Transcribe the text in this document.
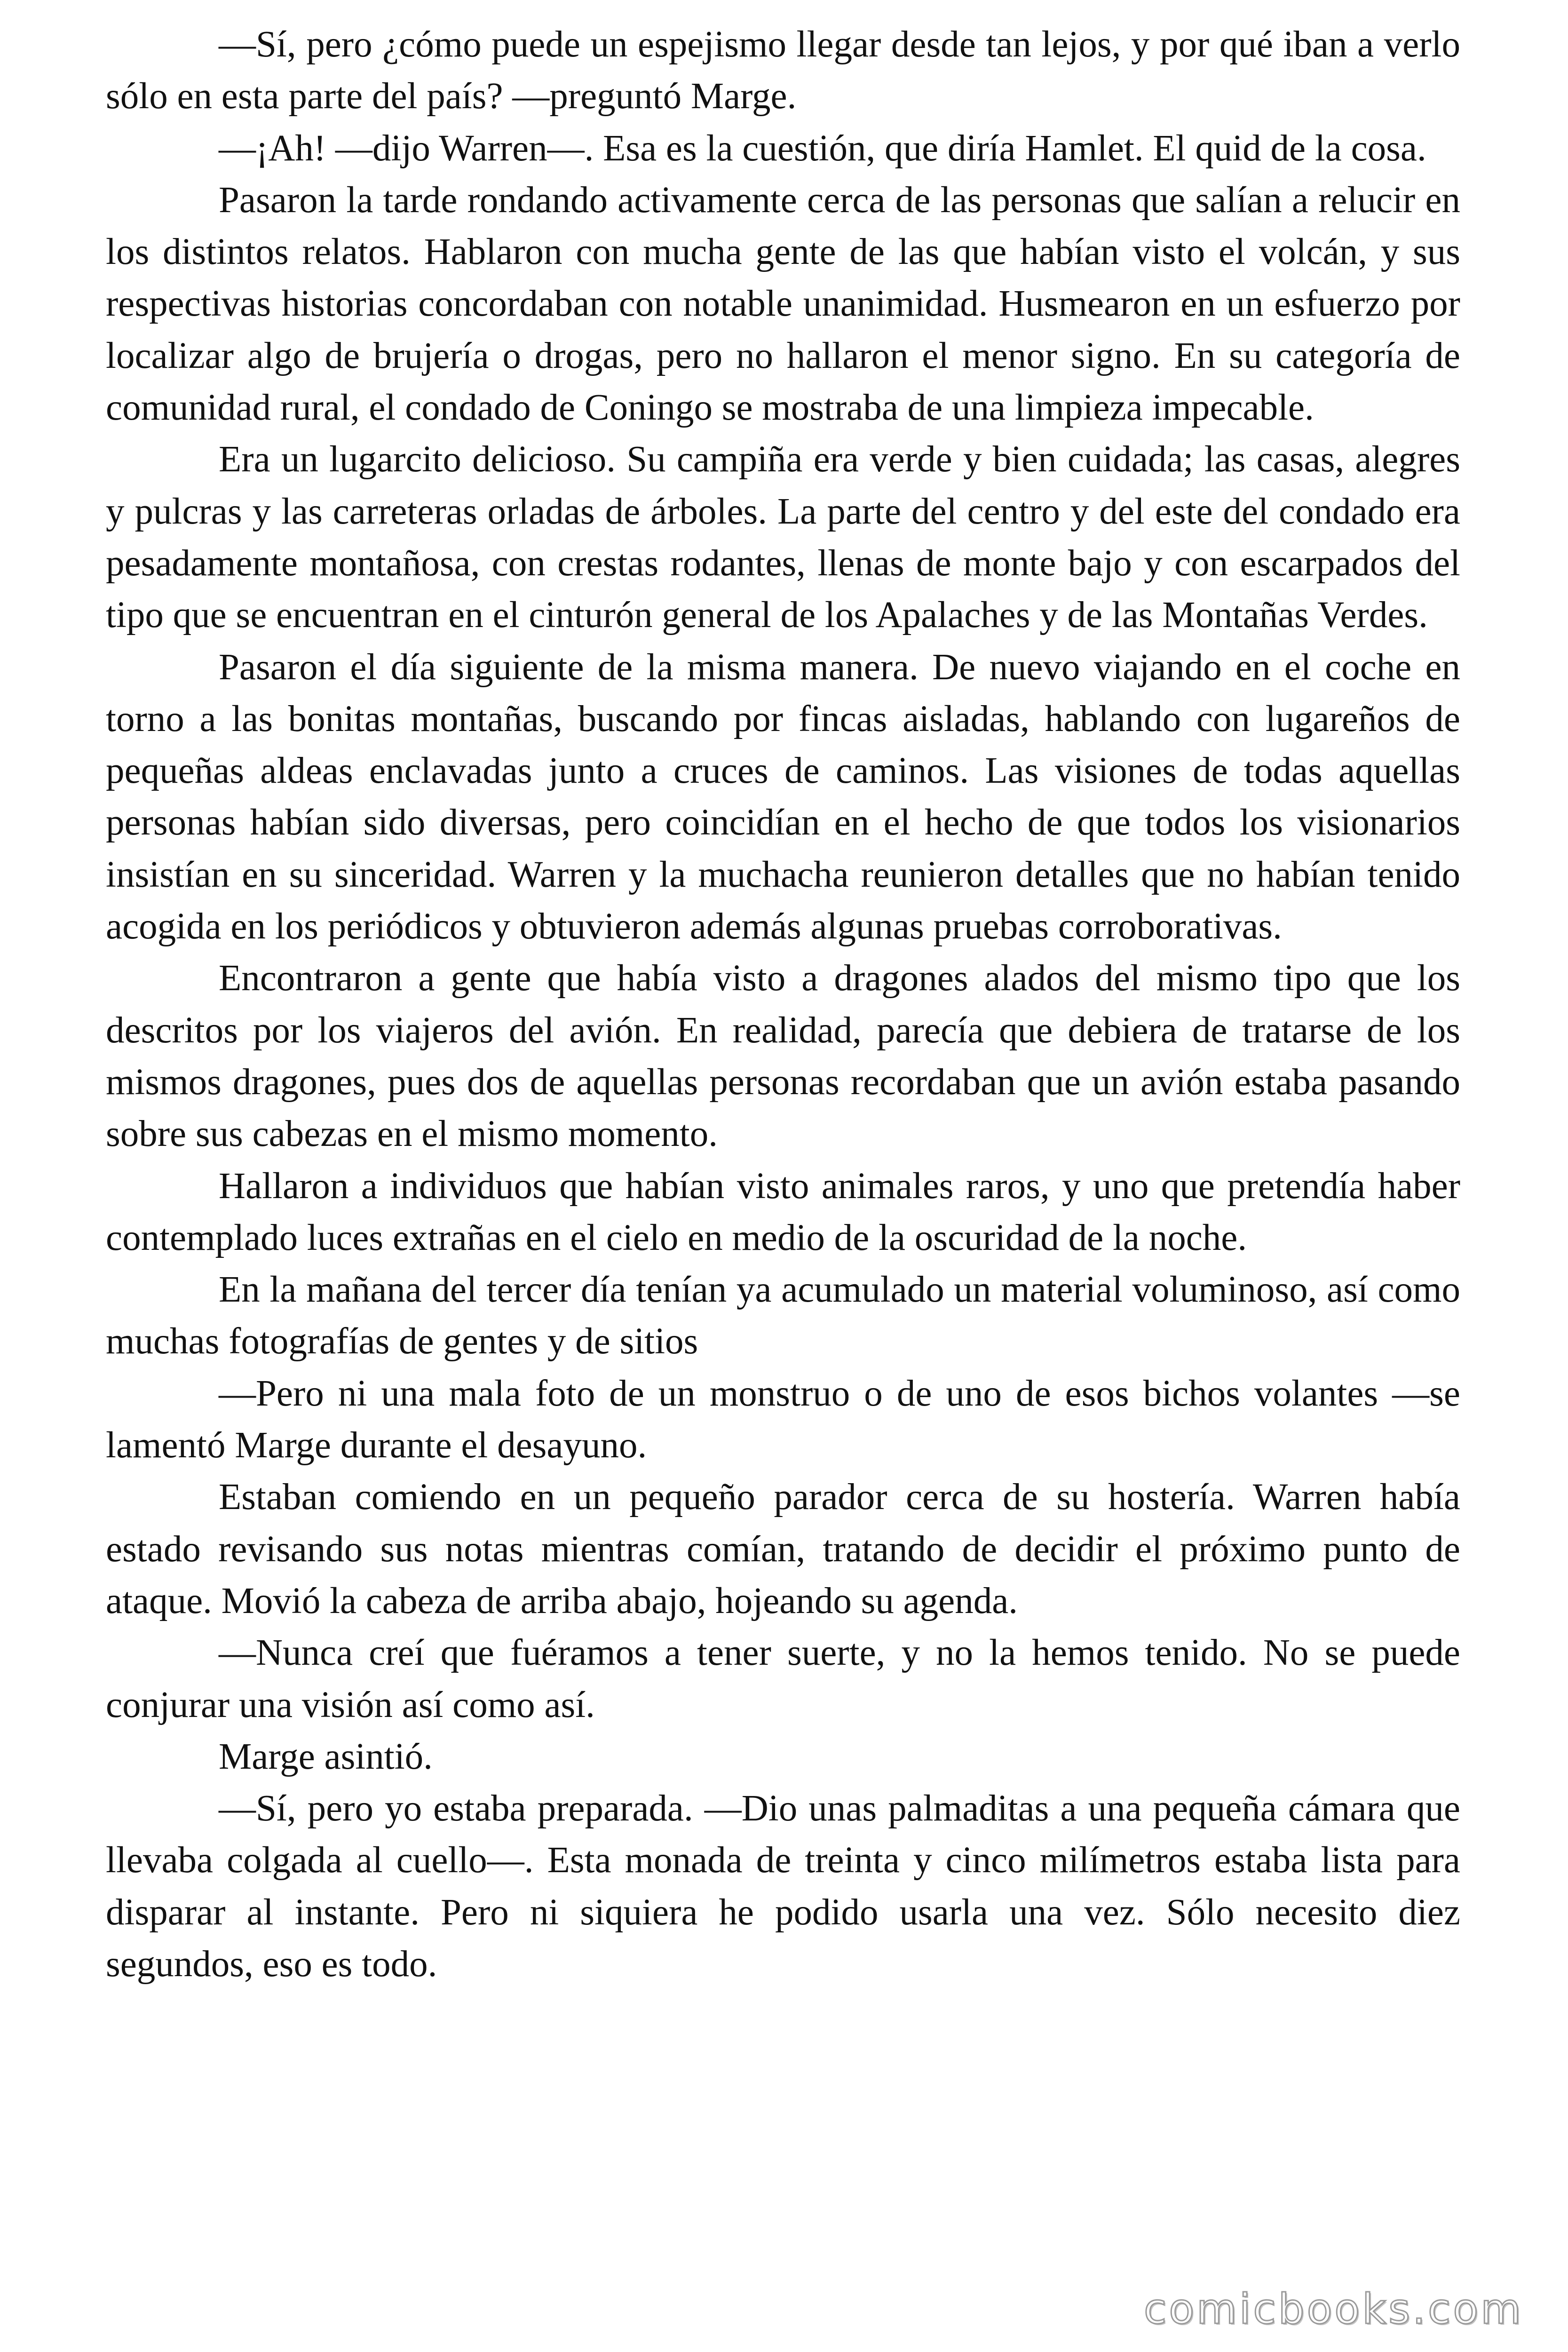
—Sí, pero ¿cómo puede un espejismo llegar desde tan lejos, y por qué iban a verlo sólo en esta parte del país? —preguntó Marge.

—¡Ah! —dijo Warren—. Esa es la cuestión, que diría Hamlet. El quid de la cosa.

Pasaron la tarde rondando activamente cerca de las personas que salían a relucir en los distintos relatos. Hablaron con mucha gente de las que habían visto el volcán, y sus respectivas historias concordaban con notable unanimidad. Husmearon en un esfuerzo por localizar algo de brujería o drogas, pero no hallaron el menor signo. En su categoría de comunidad rural, el condado de Coningo se mostraba de una limpieza impecable.

Era un lugarcito delicioso. Su campiña era verde y bien cuidada; las casas, alegres y pulcras y las carreteras orladas de árboles. La parte del centro y del este del condado era pesadamente montañosa, con crestas rodantes, llenas de monte bajo y con escarpados del tipo que se encuentran en el cinturón general de los Apalaches y de las Montañas Verdes.

Pasaron el día siguiente de la misma manera. De nuevo viajando en el coche en torno a las bonitas montañas, buscando por fincas aisladas, hablando con lugareños de pequeñas aldeas enclavadas junto a cruces de caminos. Las visiones de todas aquellas personas habían sido diversas, pero coincidían en el hecho de que todos los visionarios insistían en su sinceridad. Warren y la muchacha reunieron detalles que no habían tenido acogida en los periódicos y obtuvieron además algunas pruebas corroborativas.

Encontraron a gente que había visto a dragones alados del mismo tipo que los descritos por los viajeros del avión. En realidad, parecía que debiera de tratarse de los mismos dragones, pues dos de aquellas personas recordaban que un avión estaba pasando sobre sus cabezas en el mismo momento.

Hallaron a individuos que habían visto animales raros, y uno que pretendía haber contemplado luces extrañas en el cielo en medio de la oscuridad de la noche.

En la mañana del tercer día tenían ya acumulado un material voluminoso, así como muchas fotografías de gentes y de sitios

—Pero ni una mala foto de un monstruo o de uno de esos bichos volantes —se lamentó Marge durante el desayuno.

Estaban comiendo en un pequeño parador cerca de su hostería. Warren había estado revisando sus notas mientras comían, tratando de decidir el próximo punto de ataque. Movió la cabeza de arriba abajo, hojeando su agenda.

—Nunca creí que fuéramos a tener suerte, y no la hemos tenido. No se puede conjurar una visión así como así.

Marge asintió.

—Sí, pero yo estaba preparada. —Dio unas palmaditas a una pequeña cámara que llevaba colgada al cuello—. Esta monada de treinta y cinco milímetros estaba lista para disparar al instante. Pero ni siquiera he podido usarla una vez. Sólo necesito diez segundos, eso es todo.

comicbooks.com
